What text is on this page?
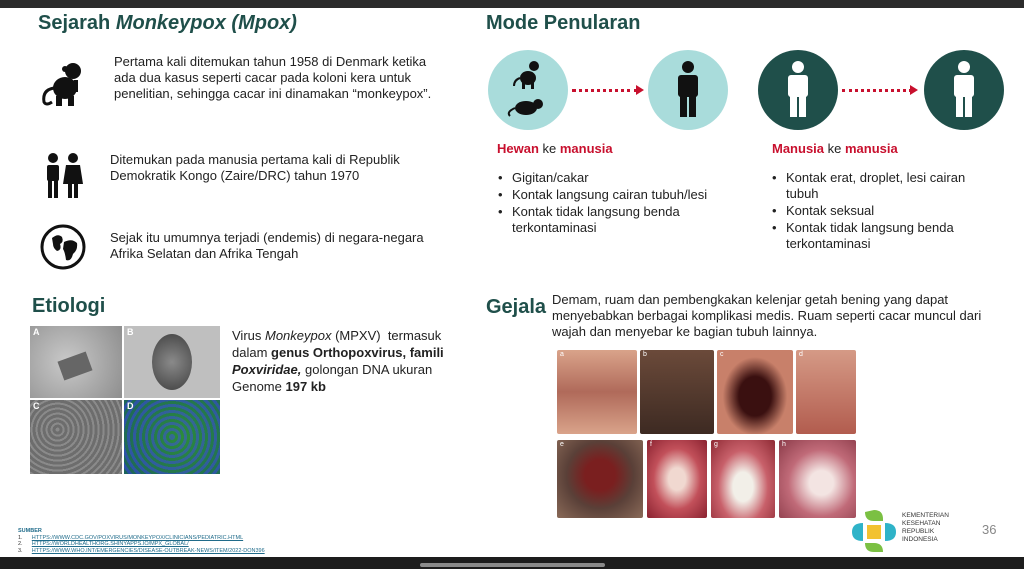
Sejarah Monkeypox (Mpox)
Pertama kali ditemukan tahun 1958 di Denmark ketika ada dua kasus seperti cacar pada koloni kera untuk penelitian, sehingga cacar ini dinamakan “monkeypox”.
Ditemukan pada manusia pertama kali di Republik Demokratik Kongo (Zaire/DRC) tahun 1970
Sejak itu umumnya terjadi (endemis) di negara-negara Afrika Selatan dan Afrika Tengah
Mode Penularan
Hewan ke manusia
• Gigitan/cakar
• Kontak langsung cairan tubuh/lesi
• Kontak tidak langsung benda terkontaminasi
Manusia ke manusia
• Kontak erat, droplet, lesi cairan tubuh
• Kontak seksual
• Kontak tidak langsung benda terkontaminasi
Etiologi
A	B
C	D
Virus Monkeypox (MPXV)  termasuk dalam genus Orthopoxvirus, famili Poxviridae, golongan DNA ukuran Genome 197 kb
Gejala Demam, ruam dan pembengkakan kelenjar getah bening yang dapat menyebabkan berbagai komplikasi medis. Ruam seperti cacar muncul dari wajah dan menyebar ke bagian tubuh lainnya.
a	b	c	d
e	f	g	h
SUMBER
1.      HTTPS://WWW.CDC.GOV/POXVIRUS/MONKEYPOX/CLINICIANS/PEDIATRIC.HTML
2.      HTTPS://WORLDHEALTHORG.SHINYAPPS.IO/MPX_GLOBAL/
3.      HTTPS://WWW.WHO.INT/EMERGENCIES/DISEASE-OUTBREAK-NEWS/ITEM/2022-DON396
KEMENTERIAN
KESEHATAN
REPUBLIK
INDONESIA
36
